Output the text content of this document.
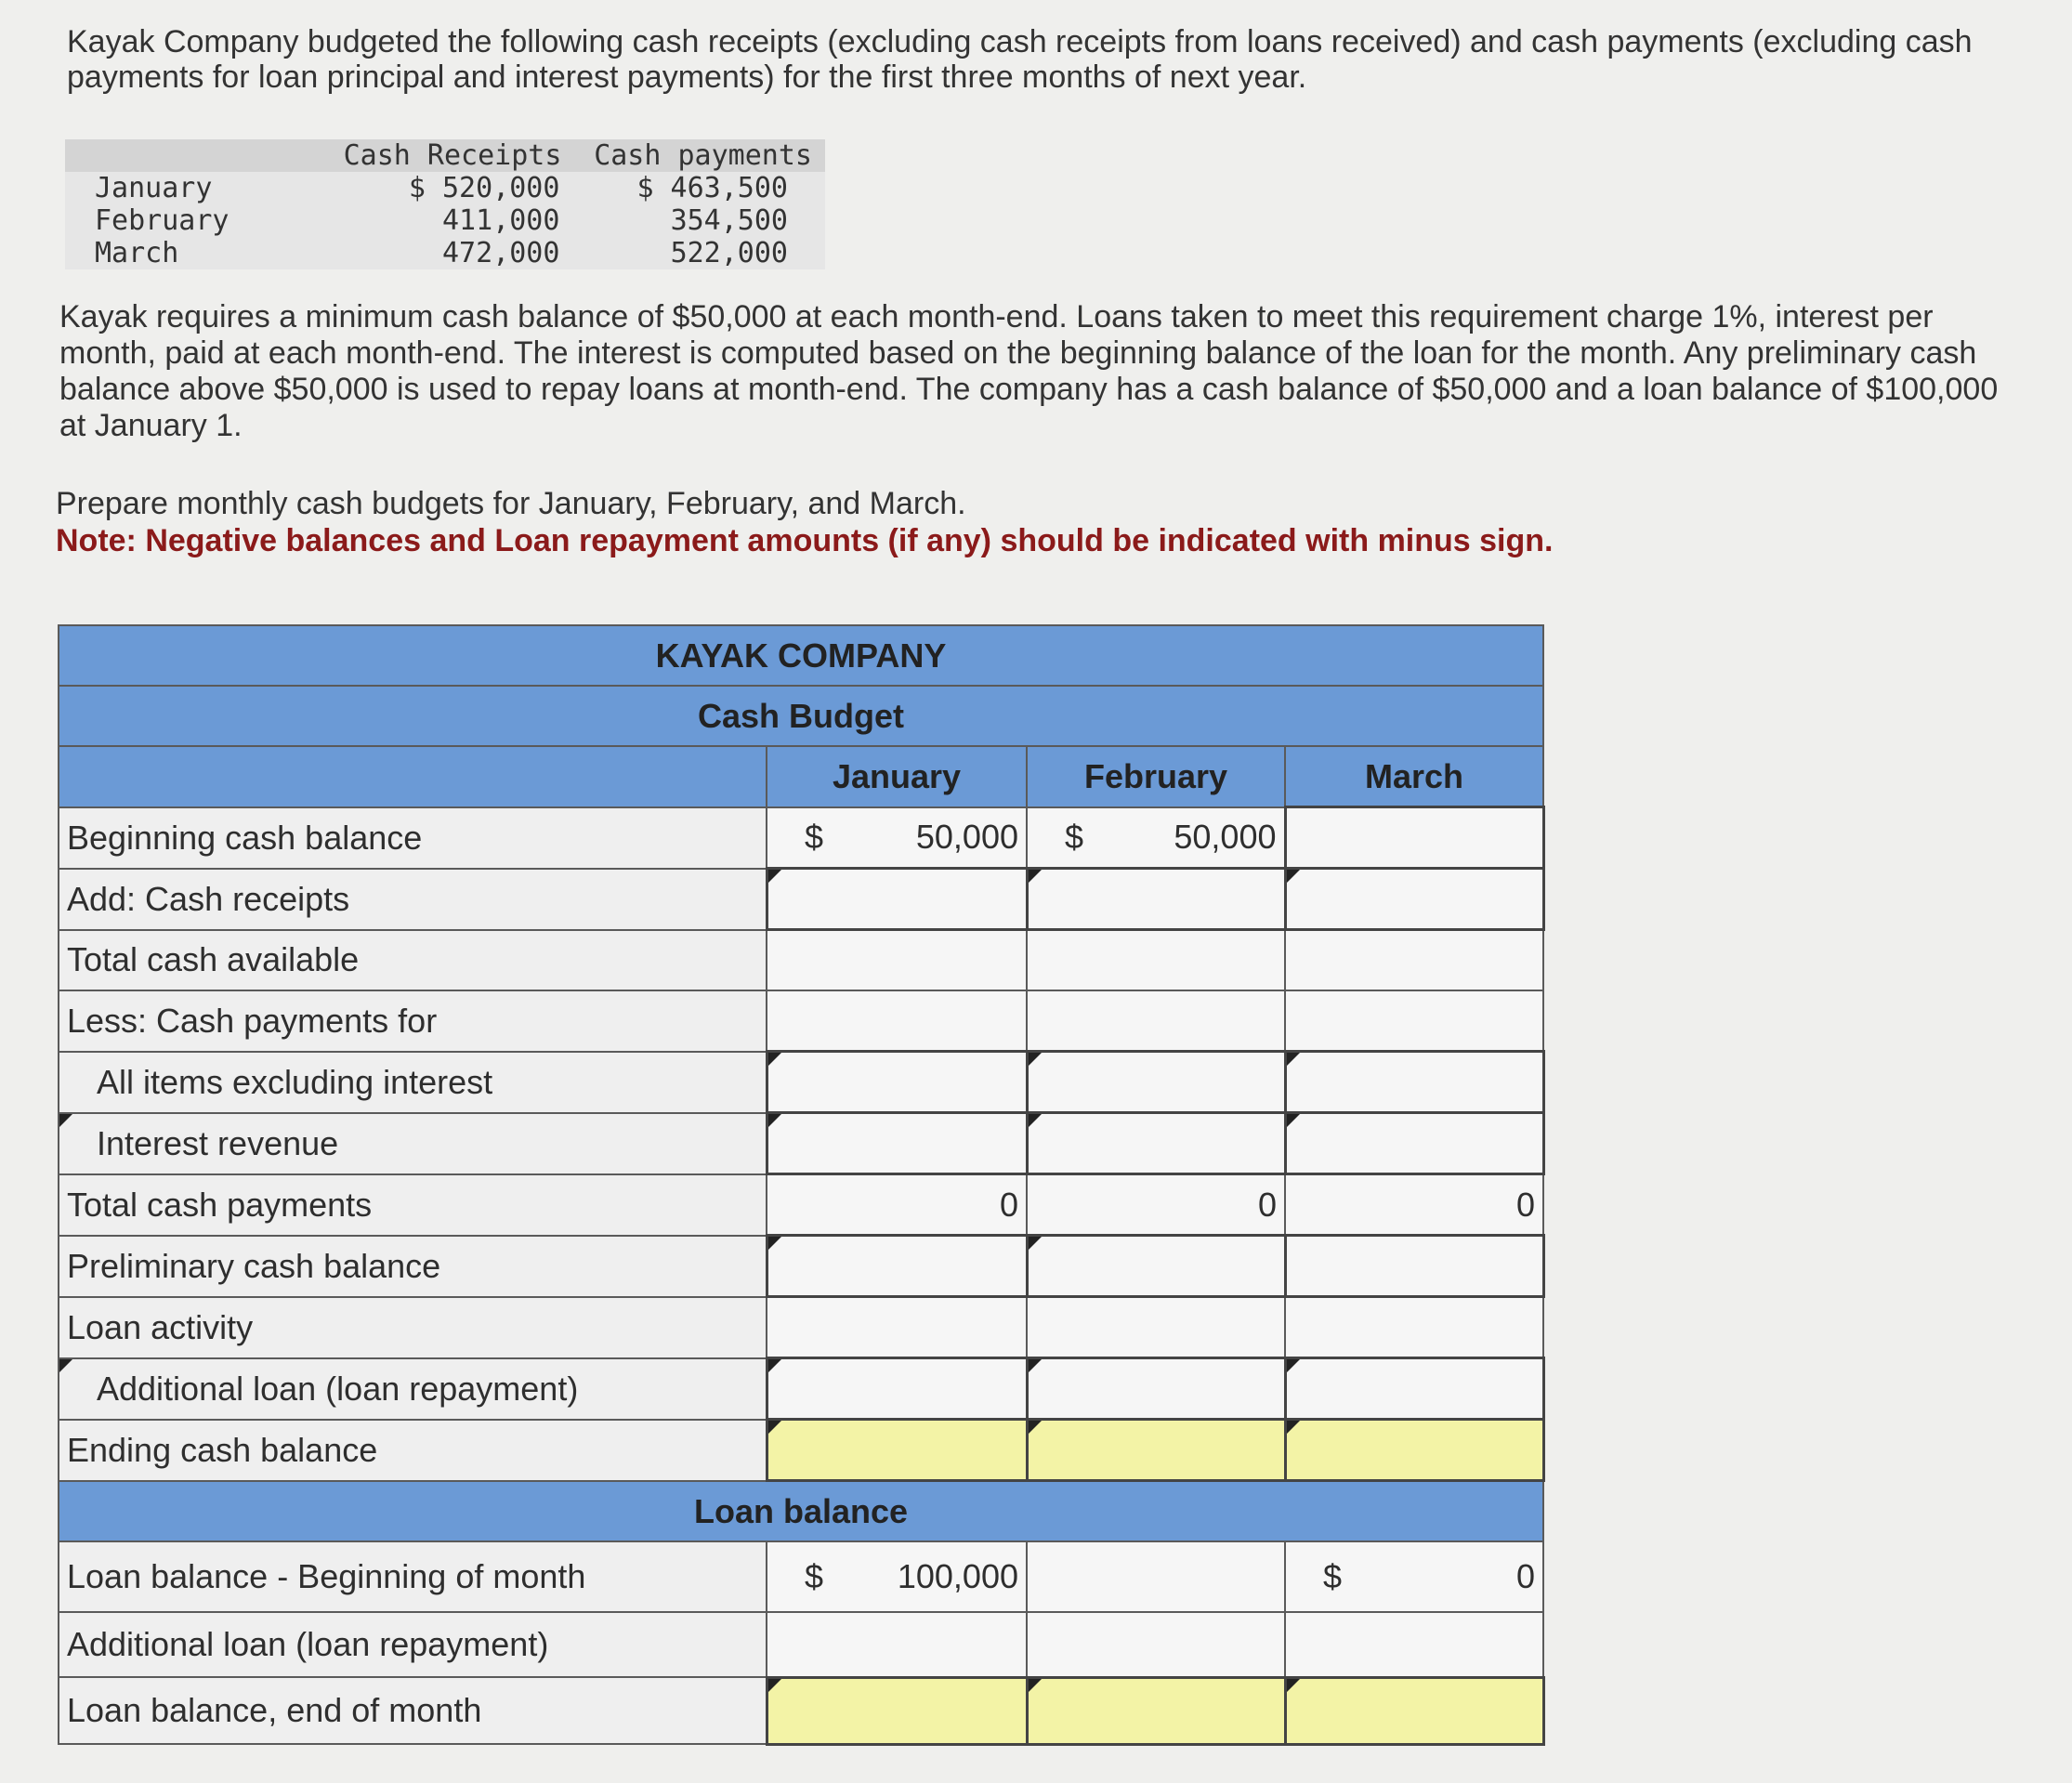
Kayak Company budgeted the following cash receipts (excluding cash receipts from loans received) and cash payments (excluding cash payments for loan principal and interest payments) for the first three months of next year.
	Cash Receipts	Cash payments
January	$ 520,000	$ 463,500
February	411,000	354,500
March	472,000	522,000
Kayak requires a minimum cash balance of $50,000 at each month-end. Loans taken to meet this requirement charge 1%, interest per month, paid at each month-end. The interest is computed based on the beginning balance of the loan for the month. Any preliminary cash balance above $50,000 is used to repay loans at month-end. The company has a cash balance of $50,000 and a loan balance of $100,000 at January 1.
Prepare monthly cash budgets for January, February, and March.
Note: Negative balances and Loan repayment amounts (if any) should be indicated with minus sign.
KAYAK COMPANY			
Cash Budget			
	January	February	March
Beginning cash balance	$ 50,000	$ 50,000	
Add: Cash receipts	

Total cash available			
Less: Cash payments for			
All items excluding interest	

Interest revenue	

Total cash payments	0	0	0
Preliminary cash balance	

Loan activity			

Additional loan (loan repayment)	

Ending cash balance	

Loan balance			
Loan balance - Beginning of month	$ 100,000		$ 0
Additional loan (loan repayment)			
Loan balance, end of month	
